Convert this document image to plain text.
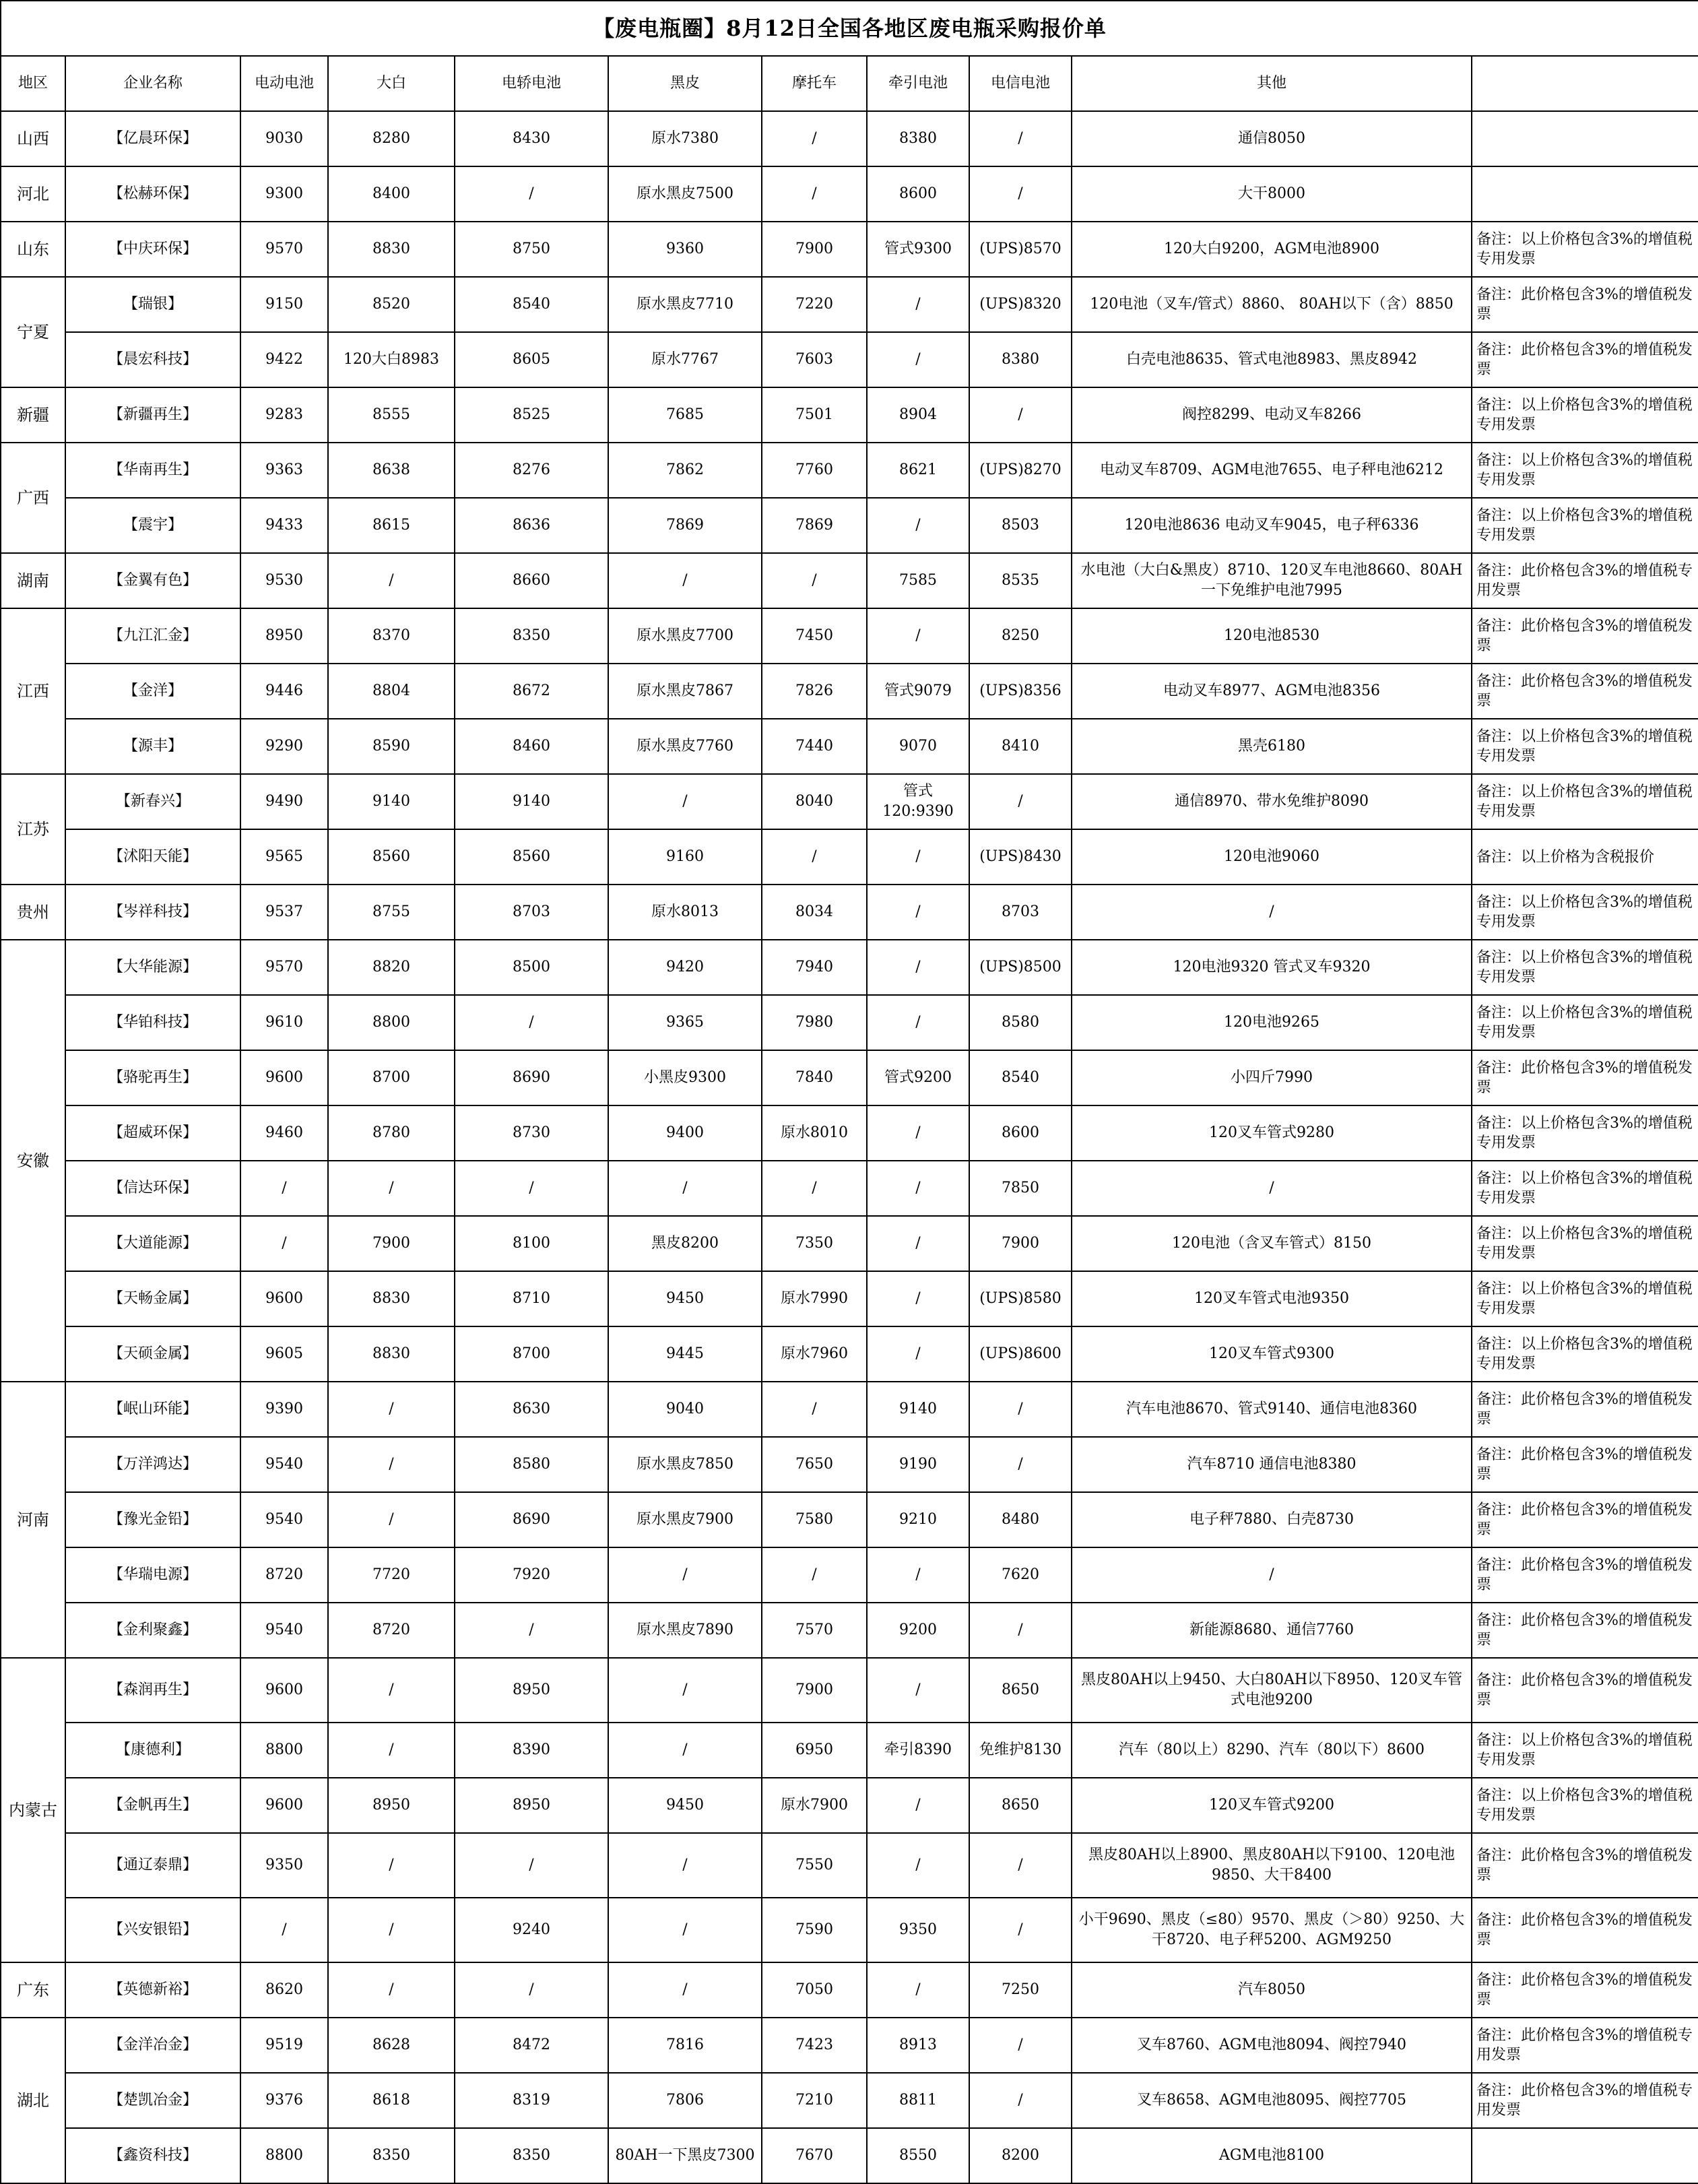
【废电瓶圈】8月12日全国各地区废电瓶采购报价单										
地区	企业名称	电动电池	大白	电轿电池	黑皮	摩托车	牵引电池	电信电池	其他	
山西	【亿晨环保】	9030	8280	8430	原水7380	/	8380	/	通信8050	
河北	【松赫环保】	9300	8400	/	原水黑皮7500	/	8600	/	大干8000	
山东	【中庆环保】	9570	8830	8750	9360	7900	管式9300	(UPS)8570	120大白9200，AGM电池8900	备注：以上价格包含3%的增值税专用发票
宁夏	【瑞银】	9150	8520	8540	原水黑皮7710	7220	/	(UPS)8320	120电池（叉车/管式）8860、 80AH以下（含）8850	备注：此价格包含3%的增值税发票
	【晨宏科技】	9422	120大白8983	8605	原水7767	7603	/	8380	白壳电池8635、管式电池8983、黑皮8942	备注：此价格包含3%的增值税发票
新疆	【新疆再生】	9283	8555	8525	7685	7501	8904	/	阀控8299、电动叉车8266	备注：以上价格包含3%的增值税专用发票
广西	【华南再生】	9363	8638	8276	7862	7760	8621	(UPS)8270	电动叉车8709、AGM电池7655、电子秤电池6212	备注：以上价格包含3%的增值税专用发票
	【震宇】	9433	8615	8636	7869	7869	/	8503	120电池8636 电动叉车9045，电子秤6336	备注：以上价格包含3%的增值税专用发票
湖南	【金翼有色】	9530	/	8660	/	/	7585	8535	水电池（大白&黑皮）8710、120叉车电池8660、80AH一下免维护电池7995	备注：此价格包含3%的增值税专用发票
江西	【九江汇金】	8950	8370	8350	原水黑皮7700	7450	/	8250	120电池8530	备注：此价格包含3%的增值税发票
	【金洋】	9446	8804	8672	原水黑皮7867	7826	管式9079	(UPS)8356	电动叉车8977、AGM电池8356	备注：此价格包含3%的增值税发票
	【源丰】	9290	8590	8460	原水黑皮7760	7440	9070	8410	黑壳6180	备注：以上价格包含3%的增值税专用发票
江苏	【新春兴】	9490	9140	9140	/	8040	管式120:9390	/	通信8970、带水免维护8090	备注：以上价格包含3%的增值税专用发票
	【沭阳天能】	9565	8560	8560	9160	/	/	(UPS)8430	120电池9060	备注：以上价格为含税报价
贵州	【岑祥科技】	9537	8755	8703	原水8013	8034	/	8703	/	备注：以上价格包含3%的增值税专用发票
安徽	【大华能源】	9570	8820	8500	9420	7940	/	(UPS)8500	120电池9320 管式叉车9320	备注：以上价格包含3%的增值税专用发票
	【华铂科技】	9610	8800	/	9365	7980	/	8580	120电池9265	备注：以上价格包含3%的增值税专用发票
	【骆驼再生】	9600	8700	8690	小黑皮9300	7840	管式9200	8540	小四斤7990	备注：此价格包含3%的增值税发票
	【超威环保】	9460	8780	8730	9400	原水8010	/	8600	120叉车管式9280	备注：以上价格包含3%的增值税专用发票
	【信达环保】	/	/	/	/	/	/	7850	/	备注：以上价格包含3%的增值税专用发票
	【大道能源】	/	7900	8100	黑皮8200	7350	/	7900	120电池（含叉车管式）8150	备注：以上价格包含3%的增值税专用发票
	【天畅金属】	9600	8830	8710	9450	原水7990	/	(UPS)8580	120叉车管式电池9350	备注：以上价格包含3%的增值税专用发票
	【天硕金属】	9605	8830	8700	9445	原水7960	/	(UPS)8600	120叉车管式9300	备注：以上价格包含3%的增值税专用发票
河南	【岷山环能】	9390	/	8630	9040	/	9140	/	汽车电池8670、管式9140、通信电池8360	备注：此价格包含3%的增值税发票
	【万洋鸿达】	9540	/	8580	原水黑皮7850	7650	9190	/	汽车8710 通信电池8380	备注：此价格包含3%的增值税发票
	【豫光金铅】	9540	/	8690	原水黑皮7900	7580	9210	8480	电子秤7880、白壳8730	备注：此价格包含3%的增值税发票
	【华瑞电源】	8720	7720	7920	/	/	/	7620	/	备注：此价格包含3%的增值税发票
	【金利聚鑫】	9540	8720	/	原水黑皮7890	7570	9200	/	新能源8680、通信7760	备注：此价格包含3%的增值税发票
内蒙古	【森润再生】	9600	/	8950	/	7900	/	8650	黑皮80AH以上9450、大白80AH以下8950、120叉车管式电池9200	备注：此价格包含3%的增值税发票
	【康德利】	8800	/	8390	/	6950	牵引8390	免维护8130	汽车（80以上）8290、汽车（80以下）8600	备注：以上价格包含3%的增值税专用发票
	【金帆再生】	9600	8950	8950	9450	原水7900	/	8650	120叉车管式9200	备注：以上价格包含3%的增值税专用发票
	【通辽泰鼎】	9350	/	/	/	7550	/	/	黑皮80AH以上8900、黑皮80AH以下9100、120电池9850、大干8400	备注：此价格包含3%的增值税发票
	【兴安银铅】	/	/	9240	/	7590	9350	/	小干9690、黑皮（≤80）9570、黑皮（＞80）9250、大干8720、电子秤5200、AGM9250	备注：此价格包含3%的增值税发票
广东	【英德新裕】	8620	/	/	/	7050	/	7250	汽车8050	备注：此价格包含3%的增值税发票
湖北	【金洋冶金】	9519	8628	8472	7816	7423	8913	/	叉车8760、AGM电池8094、阀控7940	备注：此价格包含3%的增值税专用发票
	【楚凯冶金】	9376	8618	8319	7806	7210	8811	/	叉车8658、AGM电池8095、阀控7705	备注：此价格包含3%的增值税专用发票
	【鑫资科技】	8800	8350	8350	80AH一下黑皮7300	7670	8550	8200	AGM电池8100	
